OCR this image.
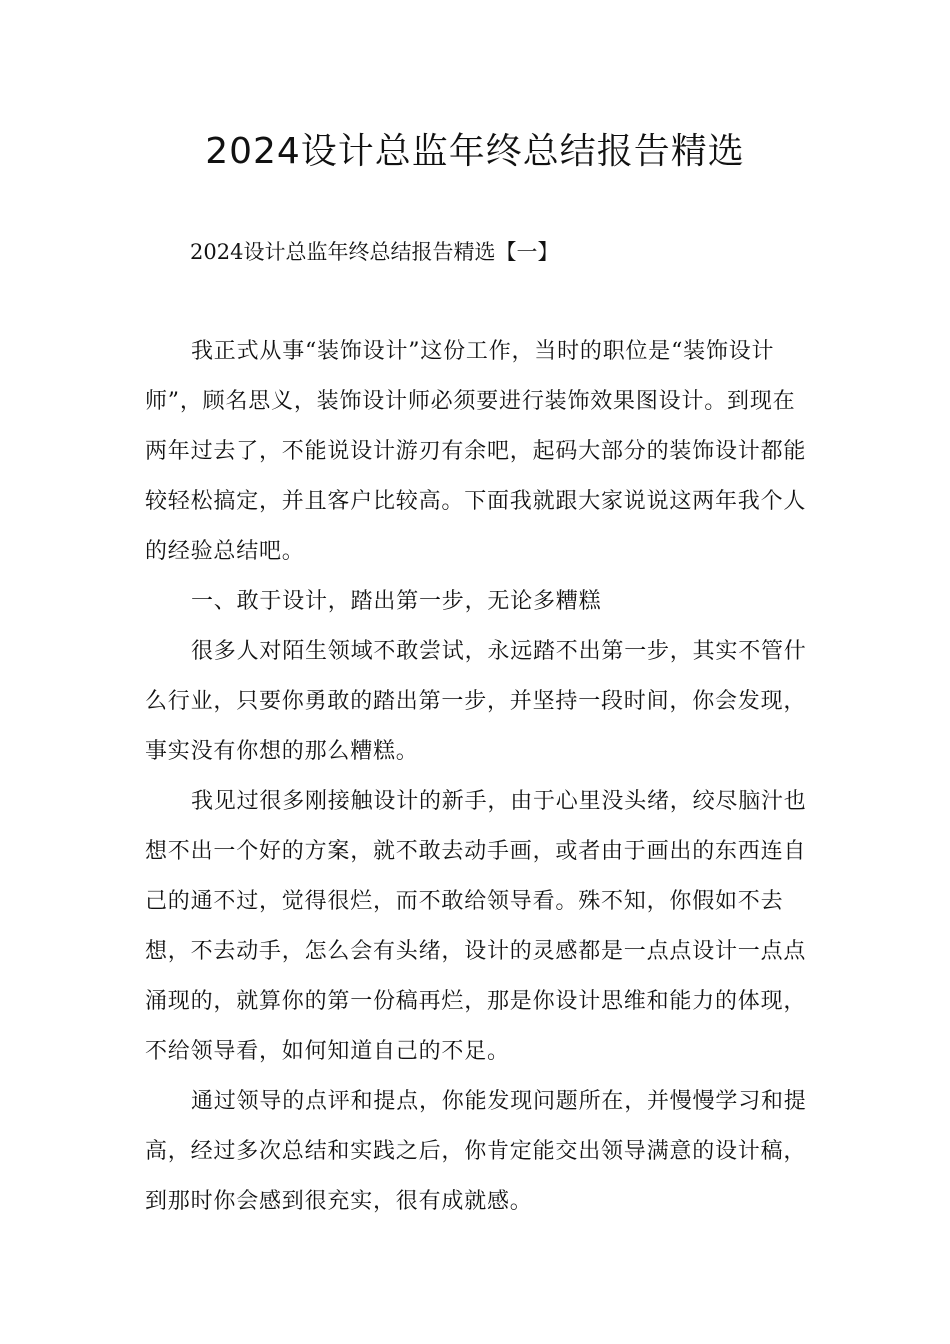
2024设计总监年终总结报告精选

2024设计总监年终总结报告精选【一】

我正式从事“装饰设计”这份工作，当时的职位是“装饰设计师”，顾名思义，装饰设计师必须要进行装饰效果图设计。到现在两年过去了，不能说设计游刃有余吧，起码大部分的装饰设计都能较轻松搞定，并且客户比较高。下面我就跟大家说说这两年我个人的经验总结吧。

一、敢于设计，踏出第一步，无论多糟糕

很多人对陌生领域不敢尝试，永远踏不出第一步，其实不管什么行业，只要你勇敢的踏出第一步，并坚持一段时间，你会发现，事实没有你想的那么糟糕。

我见过很多刚接触设计的新手，由于心里没头绪，绞尽脑汁也想不出一个好的方案，就不敢去动手画，或者由于画出的东西连自己的通不过，觉得很烂，而不敢给领导看。殊不知，你假如不去想，不去动手，怎么会有头绪，设计的灵感都是一点点设计一点点涌现的，就算你的第一份稿再烂，那是你设计思维和能力的体现，不给领导看，如何知道自己的不足。

通过领导的点评和提点，你能发现问题所在，并慢慢学习和提高，经过多次总结和实践之后，你肯定能交出领导满意的设计稿，到那时你会感到很充实，很有成就感。
